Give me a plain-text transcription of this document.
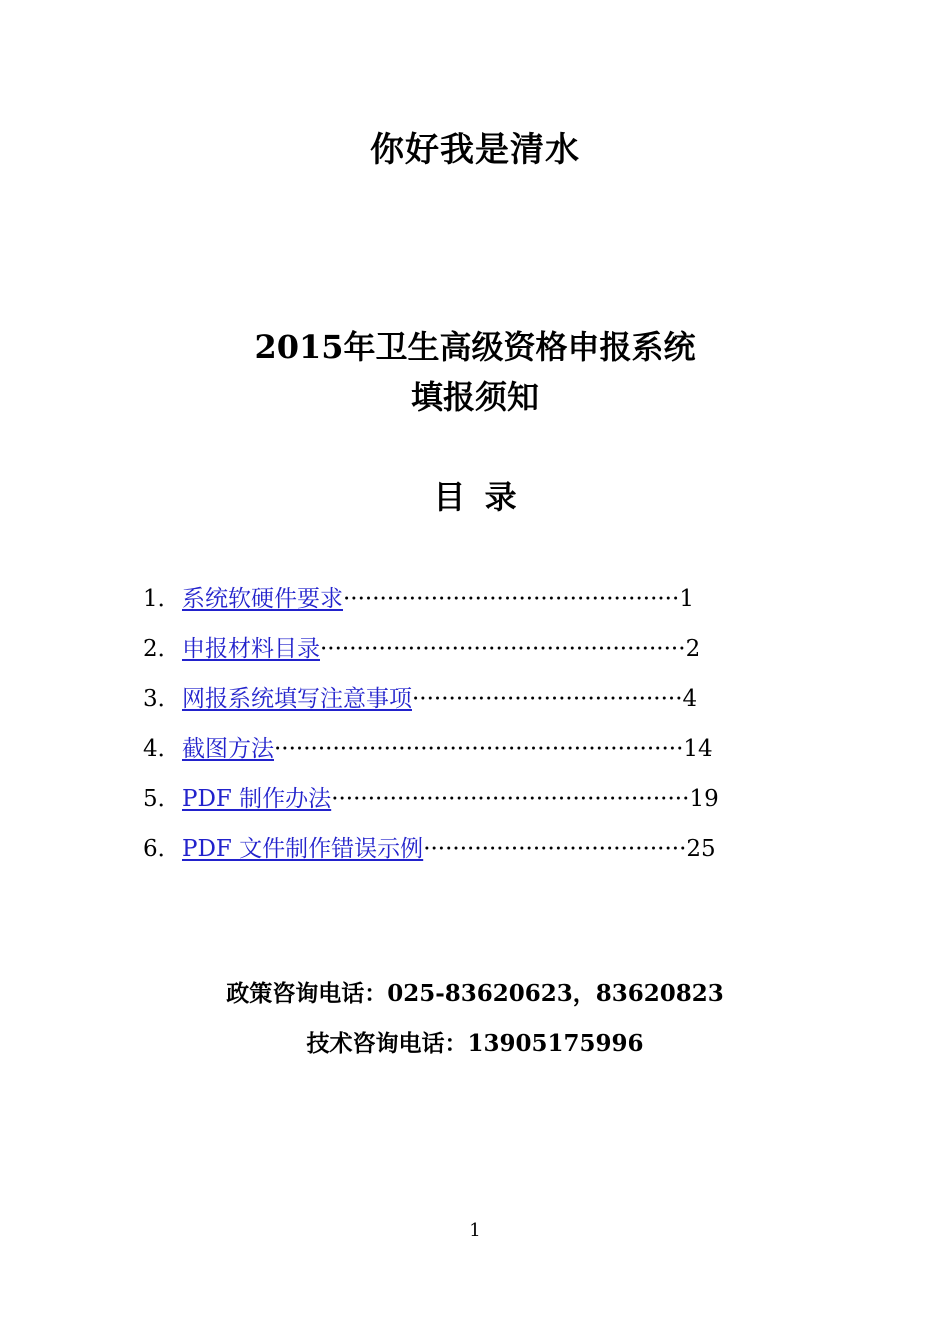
你好我是清水
2015年卫生高级资格申报系统
填报须知
目 录
1． 系统软硬件要求 ·············································· 1
2． 申报材料目录 ·················································· 2
3． 网报系统填写注意事项 ····································· 4
4． 截图方法 ························································ 14
5． PDF 制作办法 ················································· 19
6． PDF 文件制作错误示例 ···································· 25
政策咨询电话：025-83620623，83620823
技术咨询电话：13905175996
1
